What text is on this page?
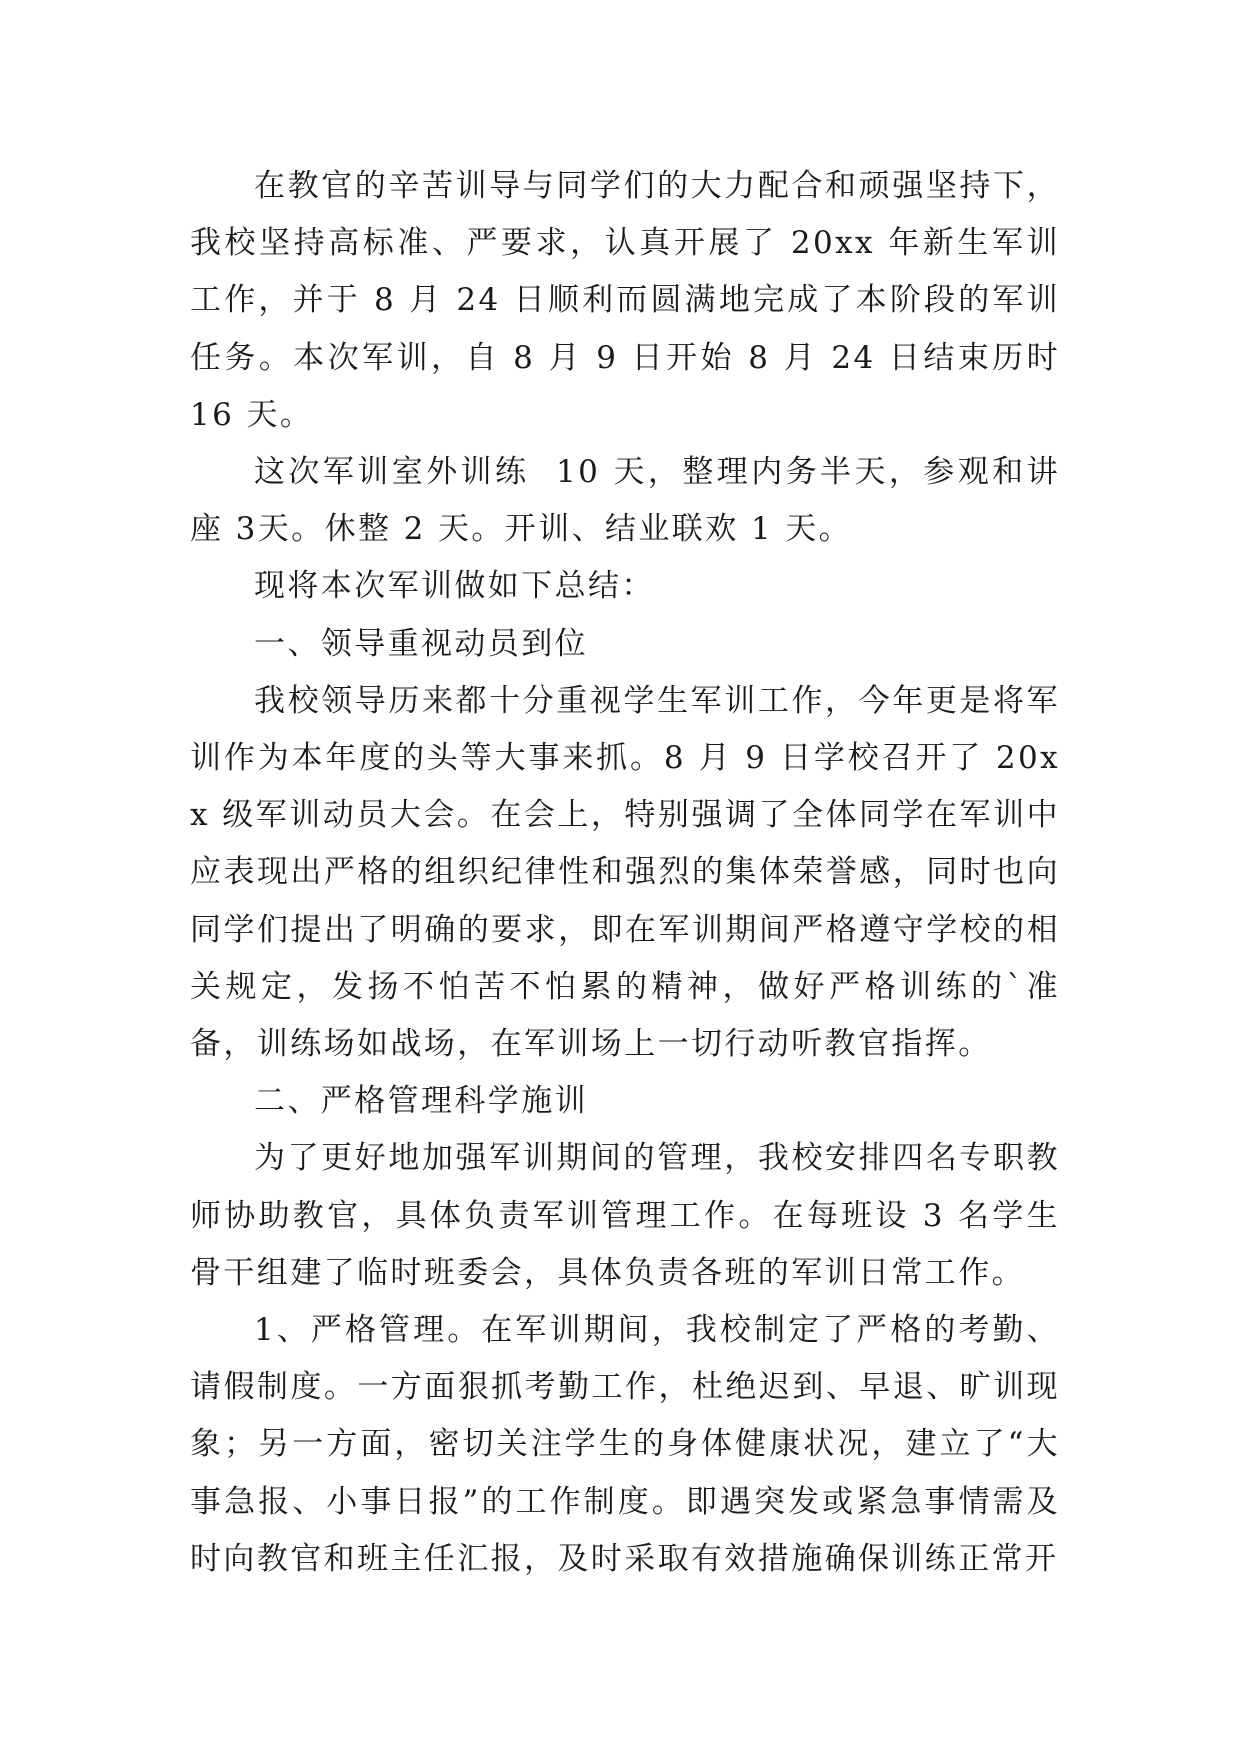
在教官的辛苦训导与同学们的大力配合和顽强坚持下，我校坚持高标准、严要求，认真开展了 20xx 年新生军训工作，并于 8 月 24 日顺利而圆满地完成了本阶段的军训任务。本次军训，自 8 月 9 日开始 8 月 24 日结束历时 16 天。

这次军训室外训练  10 天，整理内务半天，参观和讲座 3天。休整 2 天。开训、结业联欢 1 天。

现将本次军训做如下总结：

一、领导重视动员到位

我校领导历来都十分重视学生军训工作，今年更是将军训作为本年度的头等大事来抓。8 月 9 日学校召开了 20xx 级军训动员大会。在会上，特别强调了全体同学在军训中应表现出严格的组织纪律性和强烈的集体荣誉感，同时也向同学们提出了明确的要求，即在军训期间严格遵守学校的相关规定，发扬不怕苦不怕累的精神，做好严格训练的`准备，训练场如战场，在军训场上一切行动听教官指挥。

二、严格管理科学施训

为了更好地加强军训期间的管理，我校安排四名专职教师协助教官，具体负责军训管理工作。在每班设 3 名学生骨干组建了临时班委会，具体负责各班的军训日常工作。

1、严格管理。在军训期间，我校制定了严格的考勤、请假制度。一方面狠抓考勤工作，杜绝迟到、早退、旷训现象；另一方面，密切关注学生的身体健康状况，建立了“大事急报、小事日报”的工作制度。即遇突发或紧急事情需及时向教官和班主任汇报，及时采取有效措施确保训练正常开
